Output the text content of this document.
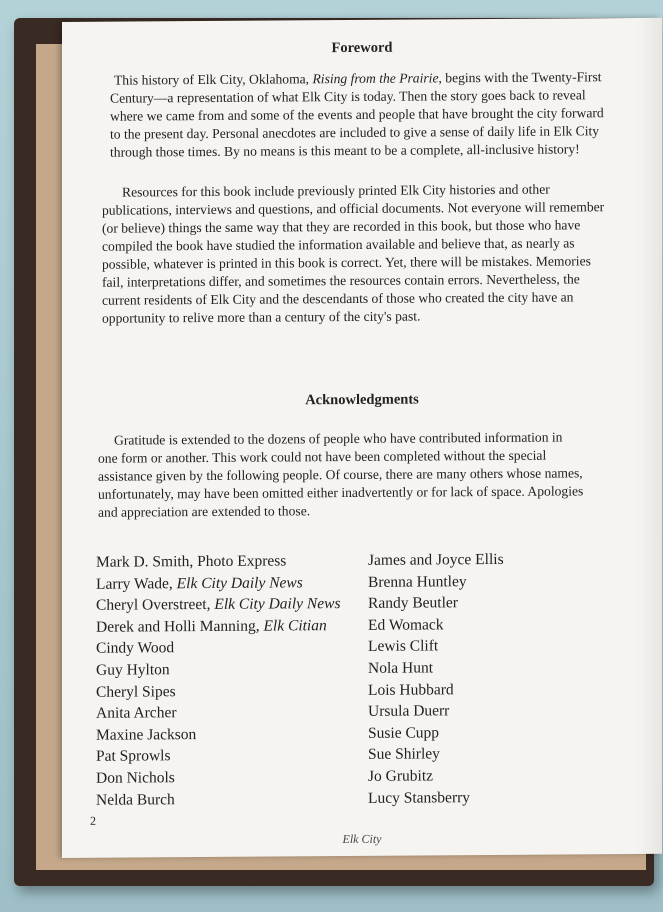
Foreword
This history of Elk City, Oklahoma, Rising from the Prairie, begins with the Twenty-First
Century—a representation of what Elk City is today. Then the story goes back to reveal
where we came from and some of the events and people that have brought the city forward
to the present day. Personal anecdotes are included to give a sense of daily life in Elk City
through those times. By no means is this meant to be a complete, all-inclusive history!
Resources for this book include previously printed Elk City histories and other
publications, interviews and questions, and official documents. Not everyone will remember
(or believe) things the same way that they are recorded in this book, but those who have
compiled the book have studied the information available and believe that, as nearly as
possible, whatever is printed in this book is correct. Yet, there will be mistakes. Memories
fail, interpretations differ, and sometimes the resources contain errors. Nevertheless, the
current residents of Elk City and the descendants of those who created the city have an
opportunity to relive more than a century of the city's past.
Acknowledgments
Gratitude is extended to the dozens of people who have contributed information in
one form or another. This work could not have been completed without the special
assistance given by the following people. Of course, there are many others whose names,
unfortunately, may have been omitted either inadvertently or for lack of space. Apologies
and appreciation are extended to those.
Mark D. Smith, Photo Express
Larry Wade, Elk City Daily News
Cheryl Overstreet, Elk City Daily News
Derek and Holli Manning, Elk Citian
Cindy Wood
Guy Hylton
Cheryl Sipes
Anita Archer
Maxine Jackson
Pat Sprowls
Don Nichols
Nelda Burch
James and Joyce Ellis
Brenna Huntley
Randy Beutler
Ed Womack
Lewis Clift
Nola Hunt
Lois Hubbard
Ursula Duerr
Susie Cupp
Sue Shirley
Jo Grubitz
Lucy Stansberry
2
Elk City
